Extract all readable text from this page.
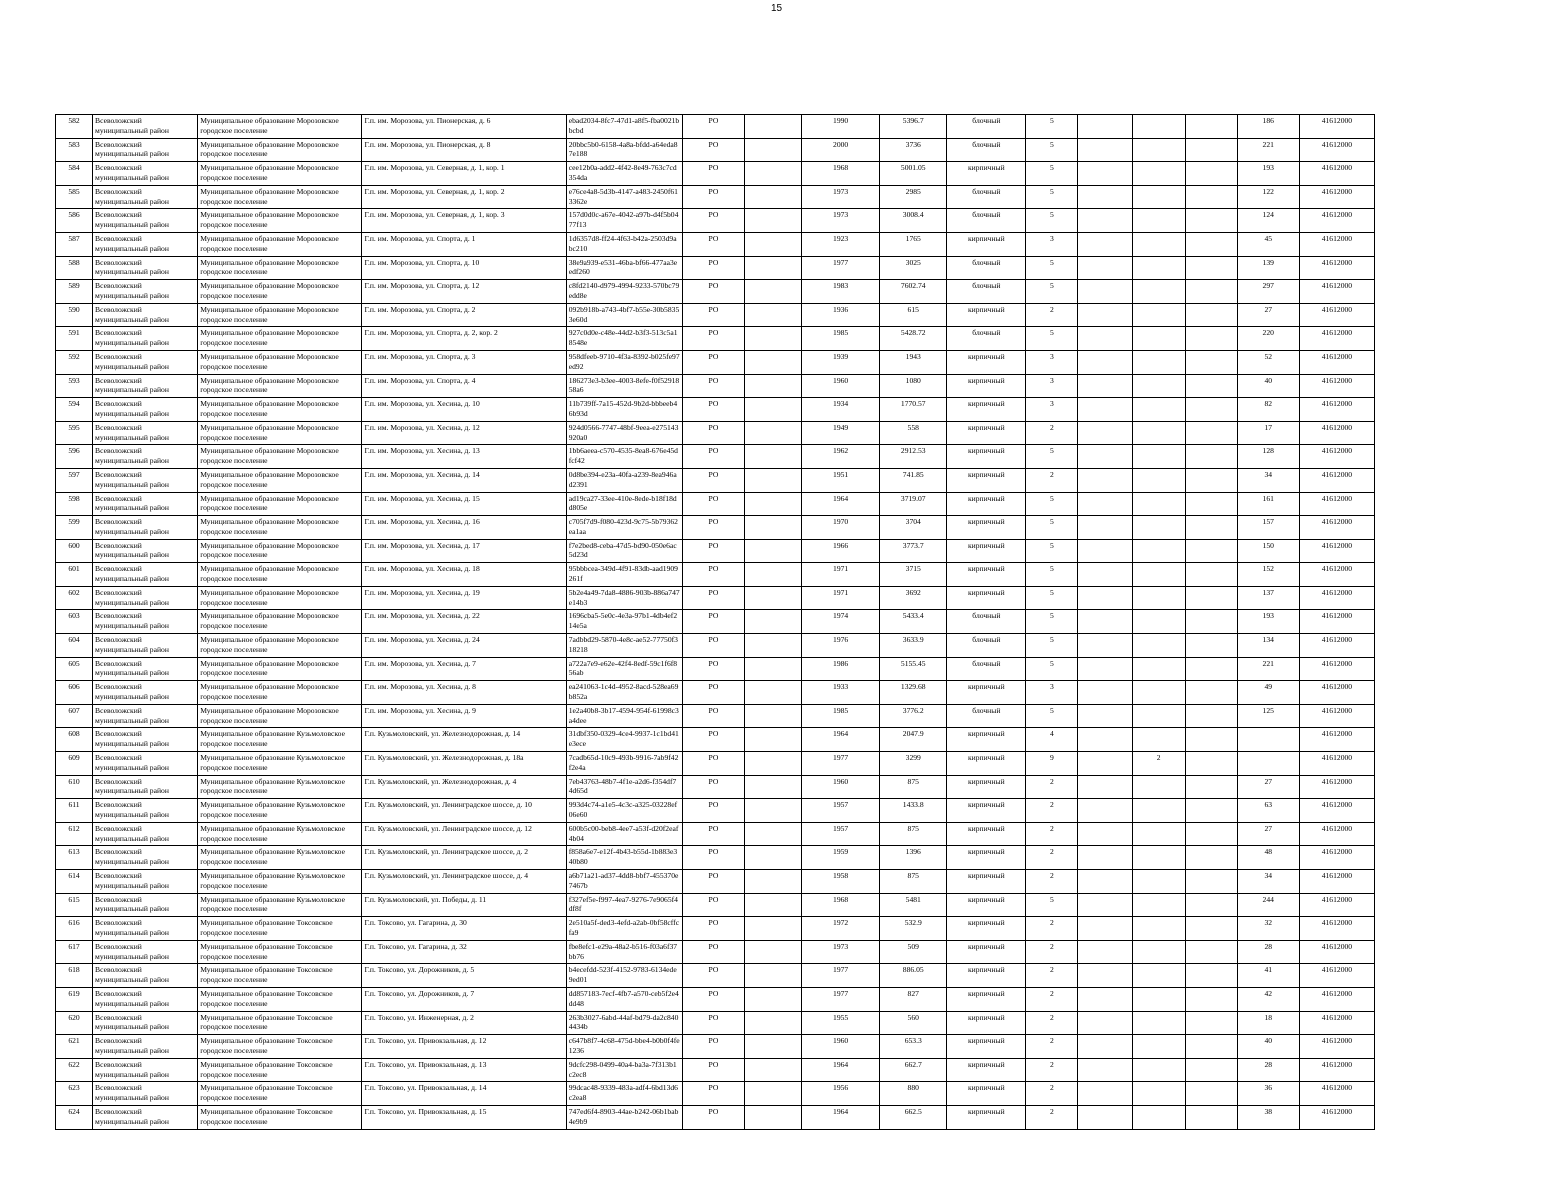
15
582	Всеволожский муниципальный район	Муниципальное образование Морозовское городское поселение	Г.п. им. Морозова, ул. Пионерская, д. 6	ebad2034-8fc7-47d1-a8f5-fba0021bbcbd	РО		1990	5396.7	блочный	5				186	41612000
583	Всеволожский муниципальный район	Муниципальное образование Морозовское городское поселение	Г.п. им. Морозова, ул. Пионерская, д. 8	20bbc5b0-6158-4a8a-bfdd-a64eda87e188	РО		2000	3736	блочный	5				221	41612000
584	Всеволожский муниципальный район	Муниципальное образование Морозовское городское поселение	Г.п. им. Морозова, ул. Северная, д. 1, кор. 1	cee12b0a-add2-4f42-8e49-763c7cd354da	РО		1968	5001.05	кирпичный	5				193	41612000
585	Всеволожский муниципальный район	Муниципальное образование Морозовское городское поселение	Г.п. им. Морозова, ул. Северная, д. 1, кор. 2	e76ce4a8-5d3b-4147-a483-2450f613362e	РО		1973	2985	блочный	5				122	41612000
586	Всеволожский муниципальный район	Муниципальное образование Морозовское городское поселение	Г.п. им. Морозова, ул. Северная, д. 1, кор. 3	157d0d0c-a67e-4042-a97b-d4f5b0477f13	РО		1973	3008.4	блочный	5				124	41612000
587	Всеволожский муниципальный район	Муниципальное образование Морозовское городское поселение	Г.п. им. Морозова, ул. Спорта, д. 1	1d6357d8-ff24-4f63-b42a-2503d9abc210	РО		1923	1765	кирпичный	3				45	41612000
588	Всеволожский муниципальный район	Муниципальное образование Морозовское городское поселение	Г.п. им. Морозова, ул. Спорта, д. 10	38e9a939-e531-46ba-bf66-477aa3eedf260	РО		1977	3025	блочный	5				139	41612000
589	Всеволожский муниципальный район	Муниципальное образование Морозовское городское поселение	Г.п. им. Морозова, ул. Спорта, д. 12	c8fd2140-d979-4994-9233-570bc79edd8e	РО		1983	7602.74	блочный	5				297	41612000
590	Всеволожский муниципальный район	Муниципальное образование Морозовское городское поселение	Г.п. им. Морозова, ул. Спорта, д. 2	092b918b-a743-4bf7-b55e-30b58353e60d	РО		1936	615	кирпичный	2				27	41612000
591	Всеволожский муниципальный район	Муниципальное образование Морозовское городское поселение	Г.п. им. Морозова, ул. Спорта, д. 2, кор. 2	927c0d0e-c48e-44d2-b3f3-513c5a18548e	РО		1985	5428.72	блочный	5				220	41612000
592	Всеволожский муниципальный район	Муниципальное образование Морозовское городское поселение	Г.п. им. Морозова, ул. Спорта, д. 3	958dfeeb-9710-4f3a-8392-b025fe97ed92	РО		1939	1943	кирпичный	3				52	41612000
593	Всеволожский муниципальный район	Муниципальное образование Морозовское городское поселение	Г.п. им. Морозова, ул. Спорта, д. 4	186273e3-b3ee-4003-8efe-f0f5291858a6	РО		1960	1080	кирпичный	3				40	41612000
594	Всеволожский муниципальный район	Муниципальное образование Морозовское городское поселение	Г.п. им. Морозова, ул. Хесина, д. 10	11b739ff-7a15-452d-9b2d-bbbeeb46b93d	РО		1934	1770.57	кирпичный	3				82	41612000
595	Всеволожский муниципальный район	Муниципальное образование Морозовское городское поселение	Г.п. им. Морозова, ул. Хесина, д. 12	924d0566-7747-48bf-9eea-e275143920a0	РО		1949	558	кирпичный	2				17	41612000
596	Всеволожский муниципальный район	Муниципальное образование Морозовское городское поселение	Г.п. им. Морозова, ул. Хесина, д. 13	1bb6aeea-c570-4535-8ea8-676e45dfcf42	РО		1962	2912.53	кирпичный	5				128	41612000
597	Всеволожский муниципальный район	Муниципальное образование Морозовское городское поселение	Г.п. им. Морозова, ул. Хесина, д. 14	0d8be394-e23a-40fa-a239-8ea946ad2391	РО		1951	741.85	кирпичный	2				34	41612000
598	Всеволожский муниципальный район	Муниципальное образование Морозовское городское поселение	Г.п. им. Морозова, ул. Хесина, д. 15	ad19ca27-33ee-410e-8ede-b18f18dd805e	РО		1964	3719.07	кирпичный	5				161	41612000
599	Всеволожский муниципальный район	Муниципальное образование Морозовское городское поселение	Г.п. им. Морозова, ул. Хесина, д. 16	c705f7d9-f080-423d-9c75-5b79362ea1aa	РО		1970	3704	кирпичный	5				157	41612000
600	Всеволожский муниципальный район	Муниципальное образование Морозовское городское поселение	Г.п. им. Морозова, ул. Хесина, д. 17	f7e2bed8-ceba-47d5-bd90-050e6ac5d23d	РО		1966	3773.7	кирпичный	5				150	41612000
601	Всеволожский муниципальный район	Муниципальное образование Морозовское городское поселение	Г.п. им. Морозова, ул. Хесина, д. 18	95bbbcea-349d-4f91-83db-aad1909261f	РО		1971	3715	кирпичный	5				152	41612000
602	Всеволожский муниципальный район	Муниципальное образование Морозовское городское поселение	Г.п. им. Морозова, ул. Хесина, д. 19	5b2e4a49-7da8-4886-903b-886a747e14b3	РО		1971	3692	кирпичный	5				137	41612000
603	Всеволожский муниципальный район	Муниципальное образование Морозовское городское поселение	Г.п. им. Морозова, ул. Хесина, д. 22	1696cba5-5e0c-4e3a-97b1-4db4ef214e5a	РО		1974	5433.4	блочный	5				193	41612000
604	Всеволожский муниципальный район	Муниципальное образование Морозовское городское поселение	Г.п. им. Морозова, ул. Хесина, д. 24	7adbbd29-5870-4e8c-ae52-77750f318218	РО		1976	3633.9	блочный	5				134	41612000
605	Всеволожский муниципальный район	Муниципальное образование Морозовское городское поселение	Г.п. им. Морозова, ул. Хесина, д. 7	a722a7e9-e62e-42f4-8edf-59c1f6f856ab	РО		1986	5155.45	блочный	5				221	41612000
606	Всеволожский муниципальный район	Муниципальное образование Морозовское городское поселение	Г.п. им. Морозова, ул. Хесина, д. 8	ea241063-1c4d-4952-8acd-528ea69b852a	РО		1933	1329.68	кирпичный	3				49	41612000
607	Всеволожский муниципальный район	Муниципальное образование Морозовское городское поселение	Г.п. им. Морозова, ул. Хесина, д. 9	1e2a40b8-3b17-4594-954f-61998c3a4dee	РО		1985	3776.2	блочный	5				125	41612000
608	Всеволожский муниципальный район	Муниципальное образование Кузьмоловское городское поселение	Г.п. Кузьмоловский, ул. Железнодорожная, д. 14	31dbf350-0329-4ce4-9937-1c1bd41e3ece	РО		1964	2047.9	кирпичный	4					41612000
609	Всеволожский муниципальный район	Муниципальное образование Кузьмоловское городское поселение	Г.п. Кузьмоловский, ул. Железнодорожная, д. 18а	7cadb65d-10c9-493b-9916-7ab9f42f2e4a	РО		1977	3299	кирпичный	9		2			41612000
610	Всеволожский муниципальный район	Муниципальное образование Кузьмоловское городское поселение	Г.п. Кузьмоловский, ул. Железнодорожная, д. 4	7eb43763-48b7-4f1e-a2d6-f354df74d65d	РО		1960	875	кирпичный	2				27	41612000
611	Всеволожский муниципальный район	Муниципальное образование Кузьмоловское городское поселение	Г.п. Кузьмоловский, ул. Ленинградское шоссе, д. 10	993d4c74-a1e5-4c3c-a325-03228ef06e60	РО		1957	1433.8	кирпичный	2				63	41612000
612	Всеволожский муниципальный район	Муниципальное образование Кузьмоловское городское поселение	Г.п. Кузьмоловский, ул. Ленинградское шоссе, д. 12	600b5c00-beb8-4ee7-a53f-d20f2eaf4b04	РО		1957	875	кирпичный	2				27	41612000
613	Всеволожский муниципальный район	Муниципальное образование Кузьмоловское городское поселение	Г.п. Кузьмоловский, ул. Ленинградское шоссе, д. 2	f858a6e7-e12f-4b43-b55d-1b883e340b80	РО		1959	1396	кирпичный	2				48	41612000
614	Всеволожский муниципальный район	Муниципальное образование Кузьмоловское городское поселение	Г.п. Кузьмоловский, ул. Ленинградское шоссе, д. 4	a6b71a21-ad37-4dd8-bbf7-455370e7467b	РО		1958	875	кирпичный	2				34	41612000
615	Всеволожский муниципальный район	Муниципальное образование Кузьмоловское городское поселение	Г.п. Кузьмоловский, ул. Победы, д. 11	f327ef5e-f997-4ea7-9276-7e9065f4df8f	РО		1968	5481	кирпичный	5				244	41612000
616	Всеволожский муниципальный район	Муниципальное образование Токсовское городское поселение	Г.п. Токсово, ул. Гагарина, д. 30	2e510a5f-ded3-4efd-a2ab-0bf58cffcfa9	РО		1972	532.9	кирпичный	2				32	41612000
617	Всеволожский муниципальный район	Муниципальное образование Токсовское городское поселение	Г.п. Токсово, ул. Гагарина, д. 32	fbe8efc1-e29a-48a2-b516-f03a6f37bb76	РО		1973	509	кирпичный	2				28	41612000
618	Всеволожский муниципальный район	Муниципальное образование Токсовское городское поселение	Г.п. Токсово, ул. Дорожников, д. 5	b4ecefdd-523f-4152-9783-6134ede9ed01	РО		1977	886.05	кирпичный	2				41	41612000
619	Всеволожский муниципальный район	Муниципальное образование Токсовское городское поселение	Г.п. Токсово, ул. Дорожников, д. 7	dd857183-7ecf-4fb7-a570-ceb5f2e4dd48	РО		1977	827	кирпичный	2				42	41612000
620	Всеволожский муниципальный район	Муниципальное образование Токсовское городское поселение	Г.п. Токсово, ул. Инженерная, д. 2	263b3027-6abd-44af-bd79-da2c8404434b	РО		1955	560	кирпичный	2				18	41612000
621	Всеволожский муниципальный район	Муниципальное образование Токсовское городское поселение	Г.п. Токсово, ул. Привокзальная, д. 12	c647b8f7-4c68-475d-bbe4-b0b0f4fe1236	РО		1960	653.3	кирпичный	2				40	41612000
622	Всеволожский муниципальный район	Муниципальное образование Токсовское городское поселение	Г.п. Токсово, ул. Привокзальная, д. 13	9dcfc298-0499-40a4-ba3a-7f313b1c2ec8	РО		1964	662.7	кирпичный	2				28	41612000
623	Всеволожский муниципальный район	Муниципальное образование Токсовское городское поселение	Г.п. Токсово, ул. Привокзальная, д. 14	99dcac48-9339-483a-adf4-6bd13d6c2ea8	РО		1956	880	кирпичный	2				36	41612000
624	Всеволожский муниципальный район	Муниципальное образование Токсовское городское поселение	Г.п. Токсово, ул. Привокзальная, д. 15	747ed6f4-8903-44ae-b242-06b1bab4e9b9	РО		1964	662.5	кирпичный	2				38	41612000
